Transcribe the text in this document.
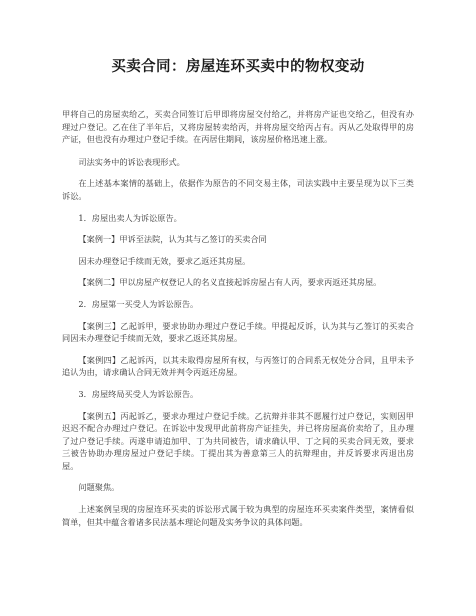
买卖合同：房屋连环买卖中的物权变动

甲将自己的房屋卖给乙，买卖合同签订后甲即将房屋交付给乙，并将房产证也交给乙，但没有办理过户登记。乙在住了半年后，又将房屋转卖给丙，并将房屋交给丙占有。丙从乙处取得甲的房产证，但也没有办理过户登记手续。在丙居住期间，该房屋价格迅速上涨。

司法实务中的诉讼表现形式。

在上述基本案情的基础上，依据作为原告的不同交易主体，司法实践中主要呈现为以下三类诉讼。

1．房屋出卖人为诉讼原告。

【案例一】甲诉至法院，认为其与乙签订的买卖合同

因未办理登记手续而无效，要求乙返还其房屋。

【案例二】甲以房屋产权登记人的名义直接起诉房屋占有人丙，要求丙返还其房屋。

2．房屋第一买受人为诉讼原告。

【案例三】乙起诉甲，要求协助办理过户登记手续。甲提起反诉，认为其与乙签订的买卖合同因未办理登记手续而无效，要求乙返还其房屋。

【案例四】乙起诉丙，以其未取得房屋所有权，与丙签订的合同系无权处分合同，且甲未予追认为由，请求确认合同无效并判令丙返还房屋。

3．房屋终局买受人为诉讼原告。

【案例五】丙起诉乙，要求办理过户登记手续。乙抗辩并非其不愿履行过户登记，实则因甲迟迟不配合办理过户登记。在诉讼中发现甲此前将房产证挂失，并已将房屋高价卖给了，且办理了过户登记手续。丙遂申请追加甲、丁为共同被告，请求确认甲、丁之间的买卖合同无效，要求三被告协助办理房屋过户登记手续。丁提出其为善意第三人的抗辩理由，并反诉要求丙退出房屋。

问题聚焦。

上述案例呈现的房屋连环买卖的诉讼形式属于较为典型的房屋连环买卖案件类型，案情看似简单，但其中蕴含着诸多民法基本理论问题及实务争议的具体问题。
